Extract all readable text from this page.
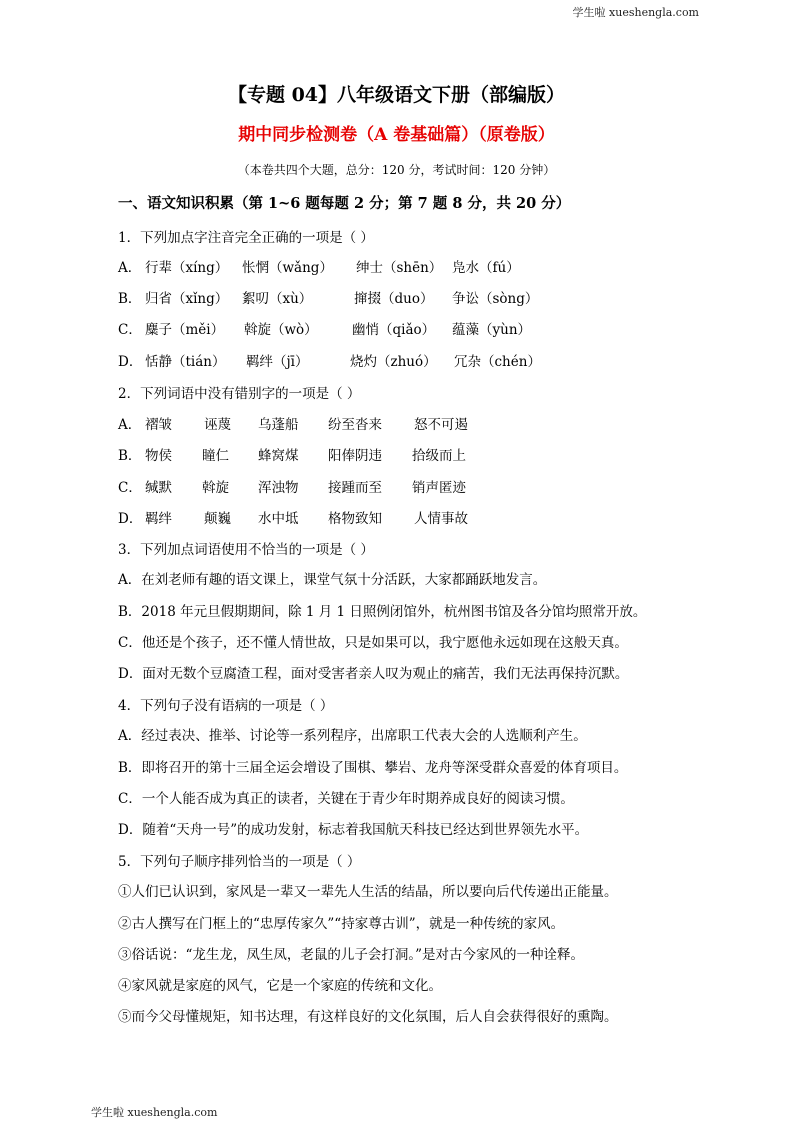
学生啦 xueshengla.com
【专题 04】八年级语文下册（部编版）
期中同步检测卷（A 卷基础篇）（原卷版）
（本卷共四个大题，总分：120 分，考试时间：120 分钟）
一、语文知识积累（第 1~6 题每题 2 分；第 7 题 8 分，共 20 分）
1．下列加点字注音完全正确的一项是（ ）
A． 行辈（xíng） 怅惘（wǎng） 绅士（shēn） 凫水（fú）
B． 归省（xǐng） 絮叨（xù）	撺掇（duo） 争讼（sòng）
C． 麋子（měi） 斡旋（wò）	幽悄（qiǎo） 蕴藻（yùn）
D． 恬静（tián） 羁绊（jī）	烧灼（zhuó） 冗杂（chén）
2．下列词语中没有错别字的一项是（ ）
A． 褶皱 诬蔑 乌蓬船 纷至沓来 怒不可遏
B． 物侯 瞳仁 蜂窝煤 阳俸阴违 拾级而上
C． 缄默 斡旋 浑浊物 接踵而至 销声匿迹
D． 羁绊 颠巍 水中坻 格物致知 人情事故
3．下列加点词语使用不恰当的一项是（ ）
A．在刘老师有趣的语文课上，课堂气氛十分活跃，大家都踊跃地发言。
B．2018 年元旦假期期间，除 1 月 1 日照例闭馆外，杭州图书馆及各分馆均照常开放。
C．他还是个孩子，还不懂人情世故，只是如果可以，我宁愿他永远如现在这般天真。
D．面对无数个豆腐渣工程，面对受害者亲人叹为观止的痛苦，我们无法再保持沉默。
4．下列句子没有语病的一项是（ ）
A．经过表决、推举、讨论等一系列程序，出席职工代表大会的人选顺利产生。
B．即将召开的第十三届全运会增设了围棋、攀岩、龙舟等深受群众喜爱的体育项目。
C．一个人能否成为真正的读者，关键在于青少年时期养成良好的阅读习惯。
D．随着“天舟一号”的成功发射，标志着我国航天科技已经达到世界领先水平。
5．下列句子顺序排列恰当的一项是（ ）
①人们已认识到，家风是一辈又一辈先人生活的结晶，所以要向后代传递出正能量。
②古人撰写在门框上的“忠厚传家久”“持家尊古训”，就是一种传统的家风。
③俗话说：“龙生龙，凤生凤，老鼠的儿子会打洞。”是对古今家风的一种诠释。
④家风就是家庭的风气，它是一个家庭的传统和文化。
⑤而今父母懂规矩，知书达理，有这样良好的文化氛围，后人自会获得很好的熏陶。
学生啦 xueshengla.com
